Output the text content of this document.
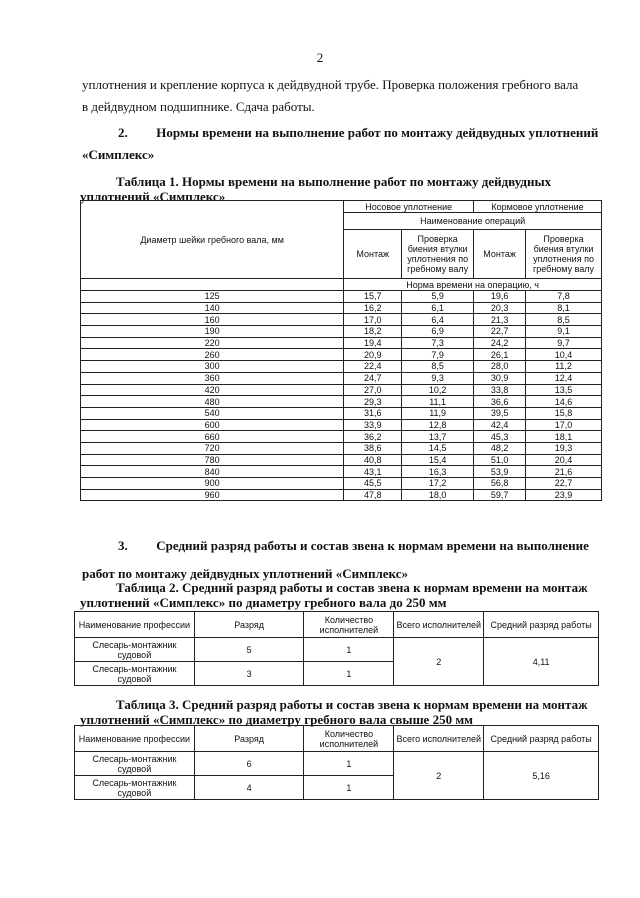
2
уплотнения и крепление корпуса к дейдвудной трубе. Проверка положения гребного вала
в дейдвудном подшипнике. Сдача работы.
2. Нормы времени на выполнение работ по монтажу дейдвудных уплотнений
«Симплекс»
Таблица 1. Нормы времени на выполнение работ по монтажу дейдвудных
уплотнений «Симплекс»
Диаметр шейки гребного вала, мм	Носовое уплотнение		Кормовое уплотнение	
	Наименование операций			
	Монтаж	Проверка биения втулки уплотнения по гребному валу	Монтаж	Проверка биения втулки уплотнения по гребному валу
	Норма времени на операцию, ч			
125	15,7	5,9	19,6	7,8
140	16,2	6,1	20,3	8,1
160	17,0	6,4	21,3	8,5
190	18,2	6,9	22,7	9,1
220	19,4	7,3	24,2	9,7
260	20,9	7,9	26,1	10,4
300	22,4	8,5	28,0	11,2
360	24,7	9,3	30,9	12,4
420	27,0	10,2	33,8	13,5
480	29,3	11,1	36,6	14,6
540	31,6	11,9	39,5	15,8
600	33,9	12,8	42,4	17,0
660	36,2	13,7	45,3	18,1
720	38,6	14,5	48,2	19,3
780	40,8	15,4	51,0	20,4
840	43,1	16,3	53,9	21,6
900	45,5	17,2	56,8	22,7
960	47,8	18,0	59,7	23,9
3. Средний разряд работы и состав звена к нормам времени на выполнение
работ по монтажу дейдвудных уплотнений «Симплекс»
Таблица 2. Средний разряд работы и состав звена к нормам времени на монтаж
уплотнений «Симплекс» по диаметру гребного вала до 250 мм
Наименование профессии	Разряд	Количество исполнителей	Всего исполнителей	Средний разряд работы
Слесарь-монтажник судовой	5	1	2	4,11
Слесарь-монтажник судовой	3	1		
Таблица 3. Средний разряд работы и состав звена к нормам времени на монтаж
уплотнений «Симплекс» по диаметру гребного вала свыше 250 мм
Наименование профессии	Разряд	Количество исполнителей	Всего исполнителей	Средний разряд работы
Слесарь-монтажник судовой	6	1	2	5,16
Слесарь-монтажник судовой	4	1		
